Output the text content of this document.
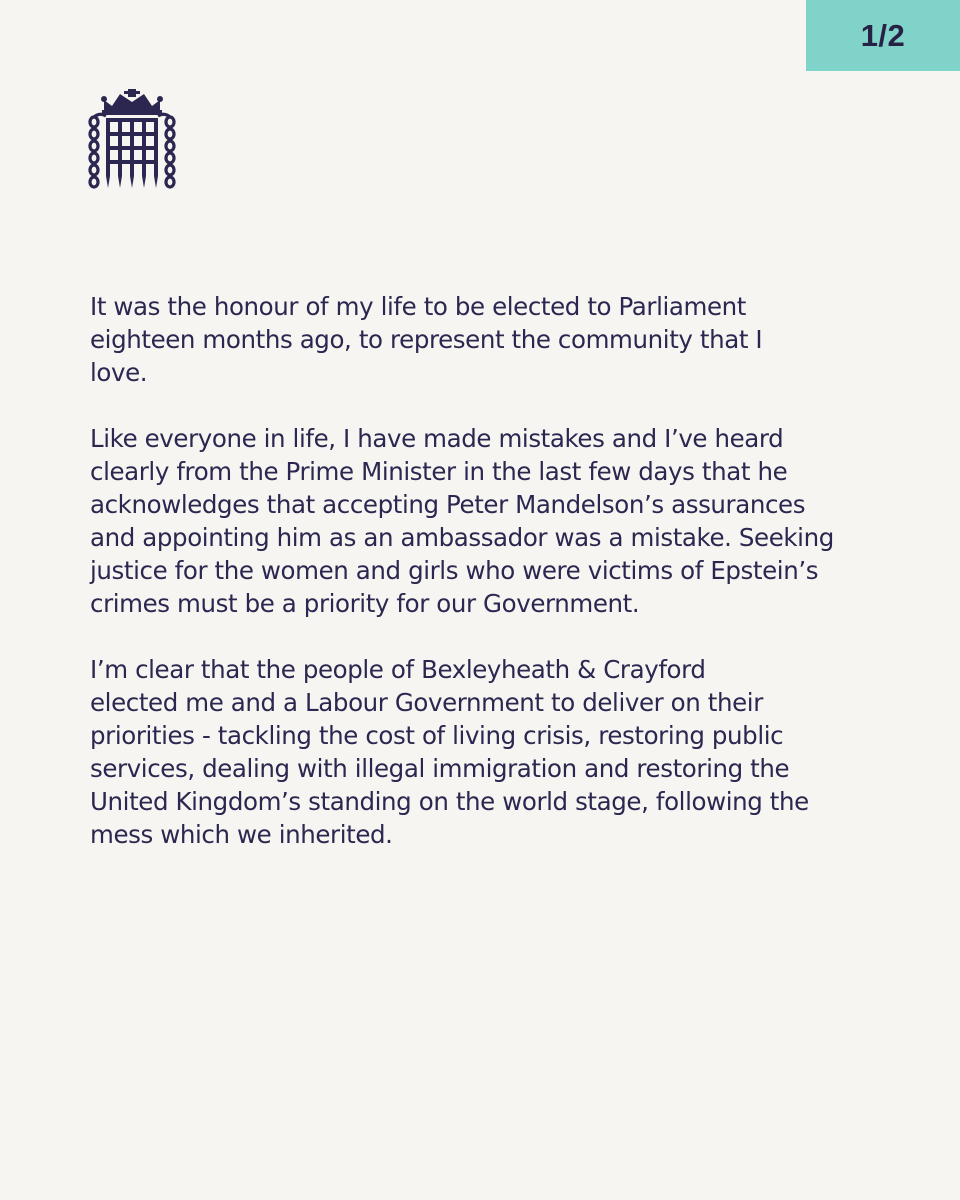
1/2

It was the honour of my life to be elected to Parliament
eighteen months ago, to represent the community that I
love.

Like everyone in life, I have made mistakes and I’ve heard
clearly from the Prime Minister in the last few days that he
acknowledges that accepting Peter Mandelson’s assurances
and appointing him as an ambassador was a mistake. Seeking
justice for the women and girls who were victims of Epstein’s
crimes must be a priority for our Government.

I’m clear that the people of Bexleyheath & Crayford
elected me and a Labour Government to deliver on their
priorities - tackling the cost of living crisis, restoring public
services, dealing with illegal immigration and restoring the
United Kingdom’s standing on the world stage, following the
mess which we inherited.
